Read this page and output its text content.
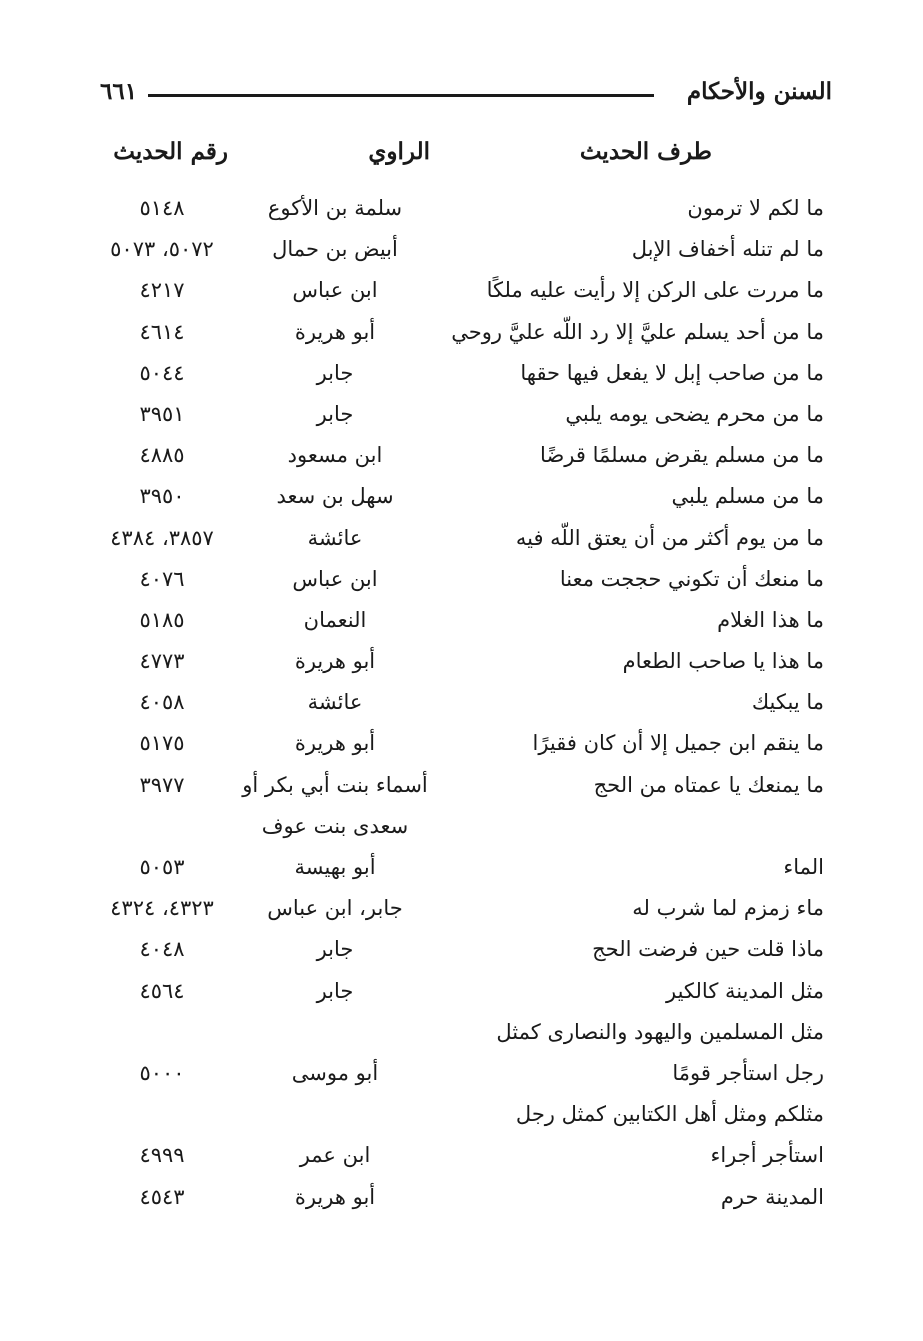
السنن والأحكام
٦٦١
طرف الحديث
الراوي
رقم الحديث
ما لكم لا ترمون
سلمة بن الأكوع
٥١٤٨
ما لم تنله أخفاف الإبل
أبيض بن حمال
٥٠٧٢، ٥٠٧٣
ما مررت على الركن إلا رأيت عليه ملكًا
ابن عباس
٤٢١٧
ما من أحد يسلم عليَّ إلا رد اللّه عليَّ روحي
أبو هريرة
٤٦١٤
ما من صاحب إبل لا يفعل فيها حقها
جابر
٥٠٤٤
ما من محرم يضحى يومه يلبي
جابر
٣٩٥١
ما من مسلم يقرض مسلمًا قرضًا
ابن مسعود
٤٨٨٥
ما من مسلم يلبي
سهل بن سعد
٣٩٥٠
ما من يوم أكثر من أن يعتق اللّه فيه
عائشة
٣٨٥٧، ٤٣٨٤
ما منعك أن تكوني حججت معنا
ابن عباس
٤٠٧٦
ما هذا الغلام
النعمان
٥١٨٥
ما هذا يا صاحب الطعام
أبو هريرة
٤٧٧٣
ما يبكيك
عائشة
٤٠٥٨
ما ينقم ابن جميل إلا أن كان فقيرًا
أبو هريرة
٥١٧٥
ما يمنعك يا عمتاه من الحج
أسماء بنت أبي بكر أو
٣٩٧٧
سعدى بنت عوف
الماء
أبو بهيسة
٥٠٥٣
ماء زمزم لما شرب له
جابر، ابن عباس
٤٣٢٣، ٤٣٢٤
ماذا قلت حين فرضت الحج
جابر
٤٠٤٨
مثل المدينة كالكير
جابر
٤٥٦٤
مثل المسلمين واليهود والنصارى كمثل
رجل استأجر قومًا
أبو موسى
٥٠٠٠
مثلكم ومثل أهل الكتابين كمثل رجل
استأجر أجراء
ابن عمر
٤٩٩٩
المدينة حرم
أبو هريرة
٤٥٤٣
